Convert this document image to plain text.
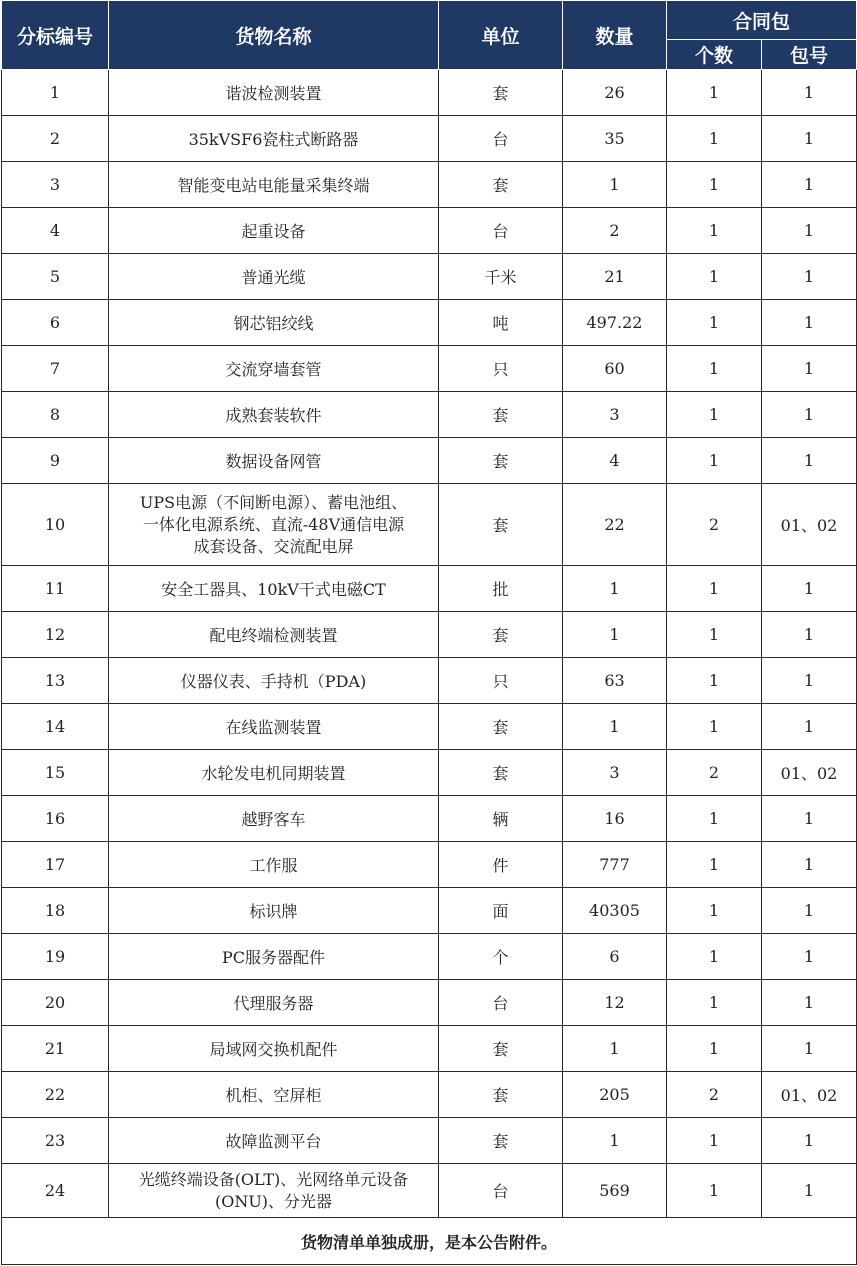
分标编号	货物名称	单位	数量	合同包	
				个数	包号
1	谐波检测装置	套	26	1	1
2	35kVSF6瓷柱式断路器	台	35	1	1
3	智能变电站电能量采集终端	套	1	1	1
4	起重设备	台	2	1	1
5	普通光缆	千米	21	1	1
6	钢芯铝绞线	吨	497.22	1	1
7	交流穿墙套管	只	60	1	1
8	成熟套装软件	套	3	1	1
9	数据设备网管	套	4	1	1
10	UPS电源（不间断电源）、蓄电池组、
一体化电源系统、直流-48V通信电源
成套设备、交流配电屏	套	22	2	01、02
11	安全工器具、10kV干式电磁CT	批	1	1	1
12	配电终端检测装置	套	1	1	1
13	仪器仪表、手持机（PDA)	只	63	1	1
14	在线监测装置	套	1	1	1
15	水轮发电机同期装置	套	3	2	01、02
16	越野客车	辆	16	1	1
17	工作服	件	777	1	1
18	标识牌	面	40305	1	1
19	PC服务器配件	个	6	1	1
20	代理服务器	台	12	1	1
21	局域网交换机配件	套	1	1	1
22	机柜、空屏柜	套	205	2	01、02
23	故障监测平台	套	1	1	1
24	光缆终端设备(OLT)、光网络单元设备
(ONU)、分光器	台	569	1	1
货物清单单独成册，是本公告附件。					
